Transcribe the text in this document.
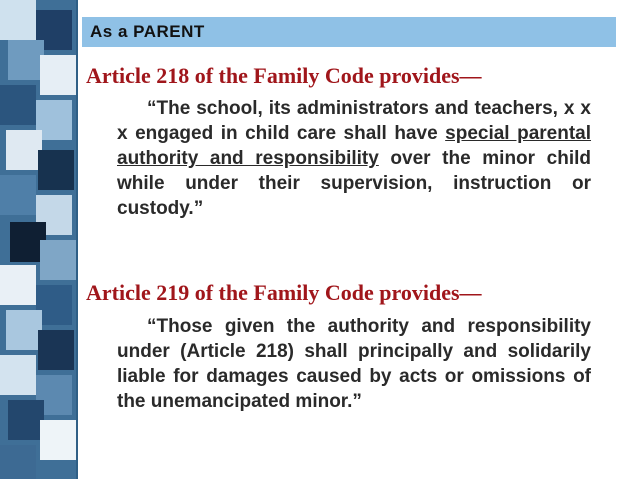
As a PARENT
Article 218 of the Family Code provides—

“The school, its administrators and teachers, x x x engaged in child care shall have special parental authority and responsibility over the minor child while under their supervision, instruction or custody.”

Article 219 of the Family Code provides—

“Those given the authority and responsibility under (Article 218) shall principally and solidarily liable for damages caused by acts or omissions of the unemancipated minor.”
